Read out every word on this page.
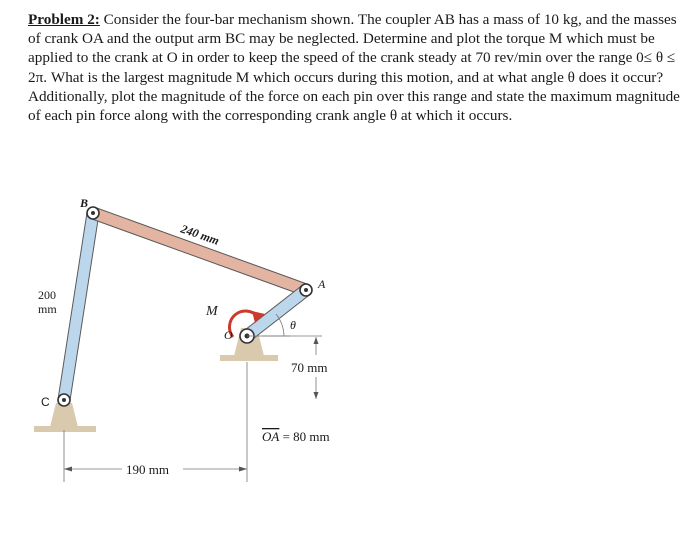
Problem 2: Consider the four-bar mechanism shown. The coupler AB has a mass of 10 kg, and the masses of crank OA and the output arm BC may be neglected. Determine and plot the torque M which must be applied to the crank at O in order to keep the speed of the crank steady at 70 rev/min over the range 0≤ θ ≤ 2π. What is the largest magnitude M which occurs during this motion, and at what angle θ does it occur? Additionally, plot the magnitude of the force on each pin over this range and state the maximum magnitude of each pin force along with the corresponding crank angle θ at which it occurs.
190 mm
70 mm
B
A
C
O
M
θ
240 mm
200
mm
OA = 80 mm
